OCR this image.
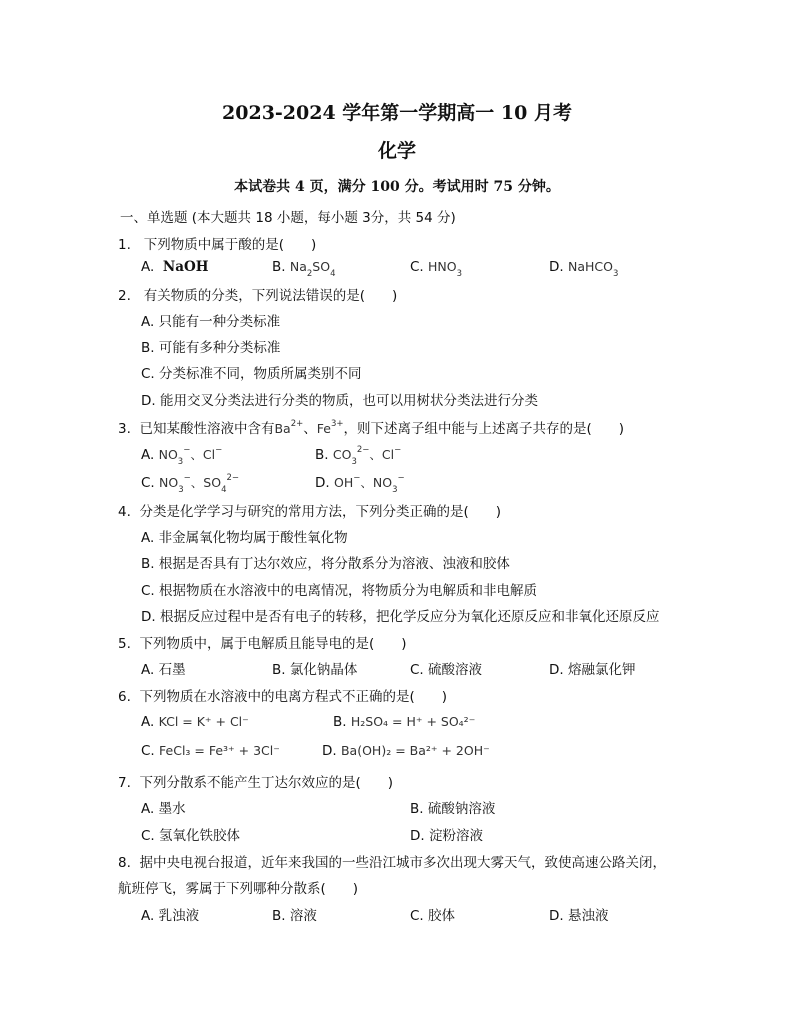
2023-2024 学年第一学期高一 10 月考
化学
本试卷共 4 页，满分 100 分。考试用时 75 分钟。
一、单选题 (本大题共 18 小题，每小题 3分，共 54 分)
1. 下列物质中属于酸的是(　　)
A. NaOH	B. $Na_2SO_4$	C. $HNO_3$	D. NaHCO$_3$
2. 有关物质的分类，下列说法错误的是(　　)
A. 只能有一种分类标准
B. 可能有多种分类标准
C. 分类标准不同，物质所属类别不同
D. 能用交叉分类法进行分类的物质，也可以用树状分类法进行分类
3. 已知某酸性溶液中含有$Ba^{2+}$、$Fe^{3+}$，则下述离子组中能与上述离子共存的是(　　)
A. $NO_3^-$、Cl−	B. $CO_3^{2-}$、Cl−
C. $NO_3^-$、$SO_4^{2-}$	D. OH−、$NO_3^-$
4. 分类是化学学习与研究的常用方法，下列分类正确的是(　　)
A. 非金属氧化物均属于酸性氧化物
B. 根据是否具有丁达尔效应，将分散系分为溶液、浊液和胶体
C. 根据物质在水溶液中的电离情况，将物质分为电解质和非电解质
D. 根据反应过程中是否有电子的转移，把化学反应分为氧化还原反应和非氧化还原反应
5. 下列物质中，属于电解质且能导电的是(　　)
A. 石墨	B. 氯化钠晶体	C. 硫酸溶液	D. 熔融氯化钾
6. 下列物质在水溶液中的电离方程式不正确的是(　　)
A. KCl = K⁺ + Cl⁻	B. H₂SO₄ = H⁺ + SO₄²⁻
C. FeCl₃ = Fe³⁺ + 3Cl⁻	D. Ba(OH)₂ = Ba²⁺ + 2OH⁻
7. 下列分散系不能产生丁达尔效应的是(　　)
A. 墨水	B. 硫酸钠溶液
C. 氢氧化铁胶体	D. 淀粉溶液
8. 据中央电视台报道，近年来我国的一些沿江城市多次出现大雾天气，致使高速公路关闭，
航班停飞，雾属于下列哪种分散系(　　)
A. 乳浊液	B. 溶液	C. 胶体	D. 悬浊液
